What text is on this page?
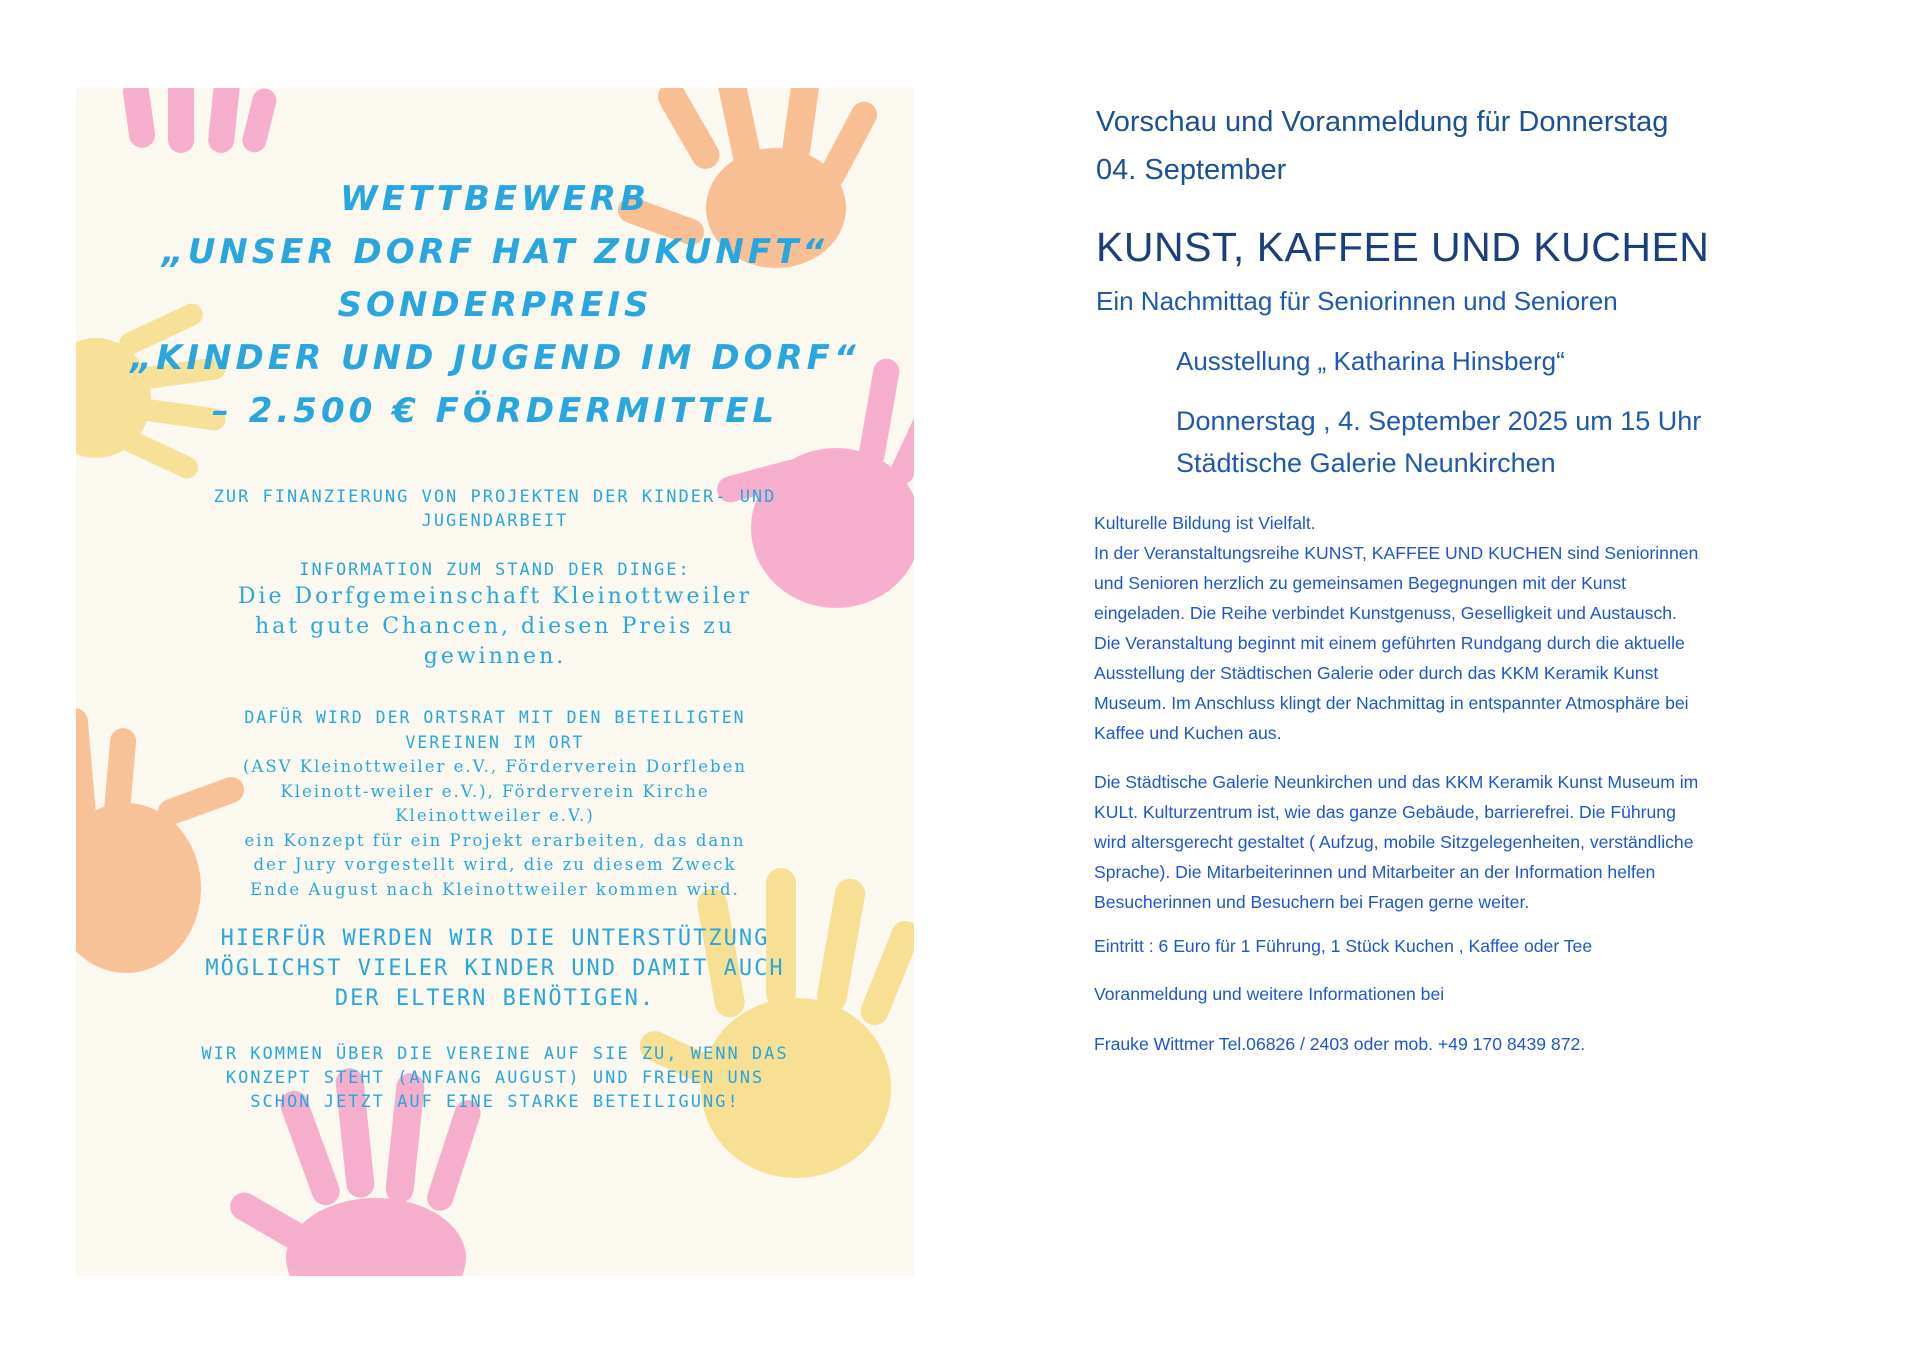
WETTBEWERB
„UNSER DORF HAT ZUKUNFT“
SONDERPREIS
„KINDER UND JUGEND IM DORF“
– 2.500 € FÖRDERMITTEL
ZUR FINANZIERUNG VON PROJEKTEN DER KINDER- UND
JUGENDARBEIT
INFORMATION ZUM STAND DER DINGE:
Die Dorfgemeinschaft Kleinottweiler
hat gute Chancen, diesen Preis zu
gewinnen.
DAFÜR WIRD DER ORTSRAT MIT DEN BETEILIGTEN
VEREINEN IM ORT
(ASV Kleinottweiler e.V., Förderverein Dorfleben
Kleinott-weiler e.V.), Förderverein Kirche
Kleinottweiler e.V.)
ein Konzept für ein Projekt erarbeiten, das dann
der Jury vorgestellt wird, die zu diesem Zweck
Ende August nach Kleinottweiler kommen wird.
HIERFÜR WERDEN WIR DIE UNTERSTÜTZUNG
MÖGLICHST VIELER KINDER UND DAMIT AUCH
DER ELTERN BENÖTIGEN.
WIR KOMMEN ÜBER DIE VEREINE AUF SIE ZU, WENN DAS
KONZEPT STEHT (ANFANG AUGUST) UND FREUEN UNS
SCHON JETZT AUF EINE STARKE BETEILIGUNG!
Vorschau und Voranmeldung für Donnerstag
04. September
KUNST, KAFFEE UND KUCHEN
Ein Nachmittag für Seniorinnen und Senioren
Ausstellung „ Katharina Hinsberg“
Donnerstag , 4. September 2025 um 15 Uhr
Städtische Galerie Neunkirchen
Kulturelle Bildung ist Vielfalt.
In der Veranstaltungsreihe KUNST, KAFFEE UND KUCHEN sind Seniorinnen
und Senioren herzlich zu gemeinsamen Begegnungen mit der Kunst
eingeladen. Die Reihe verbindet Kunstgenuss, Geselligkeit und Austausch.
Die Veranstaltung beginnt mit einem geführten Rundgang durch die aktuelle
Ausstellung der Städtischen Galerie oder durch das KKM Keramik Kunst
Museum. Im Anschluss klingt der Nachmittag in entspannter Atmosphäre bei
Kaffee und Kuchen aus.
Die Städtische Galerie Neunkirchen und das KKM Keramik Kunst Museum im
KULt. Kulturzentrum ist, wie das ganze Gebäude, barrierefrei. Die Führung
wird altersgerecht gestaltet ( Aufzug, mobile Sitzgelegenheiten, verständliche
Sprache). Die Mitarbeiterinnen und Mitarbeiter an der Information helfen
Besucherinnen und Besuchern bei Fragen gerne weiter.
Eintritt : 6 Euro für 1 Führung, 1 Stück Kuchen , Kaffee oder Tee
Voranmeldung und weitere Informationen bei
Frauke Wittmer Tel.06826 / 2403 oder mob. +49 170 8439 872.
